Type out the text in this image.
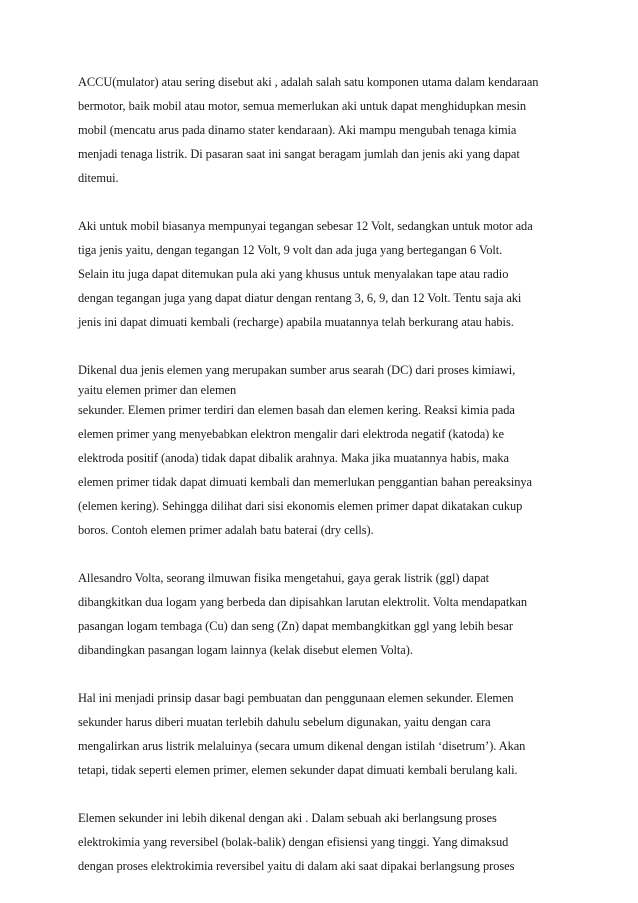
ACCU(mulator) atau sering disebut aki , adalah salah satu komponen utama dalam kendaraan
bermotor, baik mobil atau motor, semua memerlukan aki untuk dapat menghidupkan mesin
mobil (mencatu arus pada dinamo stater kendaraan). Aki mampu mengubah tenaga kimia
menjadi tenaga listrik. Di pasaran saat ini sangat beragam jumlah dan jenis aki yang dapat
ditemui.
Aki untuk mobil biasanya mempunyai tegangan sebesar 12 Volt, sedangkan untuk motor ada
tiga jenis yaitu, dengan tegangan 12 Volt, 9 volt dan ada juga yang bertegangan 6 Volt.
Selain itu juga dapat ditemukan pula aki yang khusus untuk menyalakan tape atau radio
dengan tegangan juga yang dapat diatur dengan rentang 3, 6, 9, dan 12 Volt. Tentu saja aki
jenis ini dapat dimuati kembali (recharge) apabila muatannya telah berkurang atau habis.
Dikenal dua jenis elemen yang merupakan sumber arus searah (DC) dari proses kimiawi,
yaitu elemen primer dan elemen
sekunder. Elemen primer terdiri dan elemen basah dan elemen kering. Reaksi kimia pada
elemen primer yang menyebabkan elektron mengalir dari elektroda negatif (katoda) ke
elektroda positif (anoda) tidak dapat dibalik arahnya. Maka jika muatannya habis, maka
elemen primer tidak dapat dimuati kembali dan memerlukan penggantian bahan pereaksinya
(elemen kering). Sehingga dilihat dari sisi ekonomis elemen primer dapat dikatakan cukup
boros. Contoh elemen primer adalah batu baterai (dry cells).
Allesandro Volta, seorang ilmuwan fisika mengetahui, gaya gerak listrik (ggl) dapat
dibangkitkan dua logam yang berbeda dan dipisahkan larutan elektrolit. Volta mendapatkan
pasangan logam tembaga (Cu) dan seng (Zn) dapat membangkitkan ggl yang lebih besar
dibandingkan pasangan logam lainnya (kelak disebut elemen Volta).
Hal ini menjadi prinsip dasar bagi pembuatan dan penggunaan elemen sekunder. Elemen
sekunder harus diberi muatan terlebih dahulu sebelum digunakan, yaitu dengan cara
mengalirkan arus listrik melaluinya (secara umum dikenal dengan istilah ‘disetrum’). Akan
tetapi, tidak seperti elemen primer, elemen sekunder dapat dimuati kembali berulang kali.
Elemen sekunder ini lebih dikenal dengan aki . Dalam sebuah aki berlangsung proses
elektrokimia yang reversibel (bolak-balik) dengan efisiensi yang tinggi. Yang dimaksud
dengan proses elektrokimia reversibel yaitu di dalam aki saat dipakai berlangsung proses
